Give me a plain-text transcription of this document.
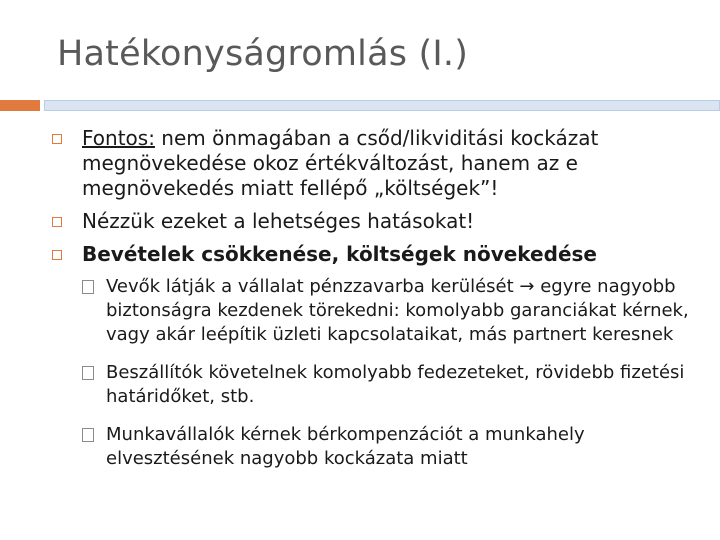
Hatékonyságromlás (I.)
Fontos: nem önmagában a csőd/likviditási kockázat megnövekedése okoz értékváltozást, hanem az e megnövekedés miatt fellépő „költségek”!
Nézzük ezeket a lehetséges hatásokat!
Bevételek csökkenése, költségek növekedése
Vevők látják a vállalat pénzzavarba kerülését → egyre nagyobb biztonságra kezdenek törekedni: komolyabb garanciákat kérnek, vagy akár leépítik üzleti kapcsolataikat, más partnert keresnek
Beszállítók követelnek komolyabb fedezeteket, rövidebb fizetési határidőket, stb.
Munkavállalók kérnek bérkompenzációt a munkahely elvesztésének nagyobb kockázata miatt
